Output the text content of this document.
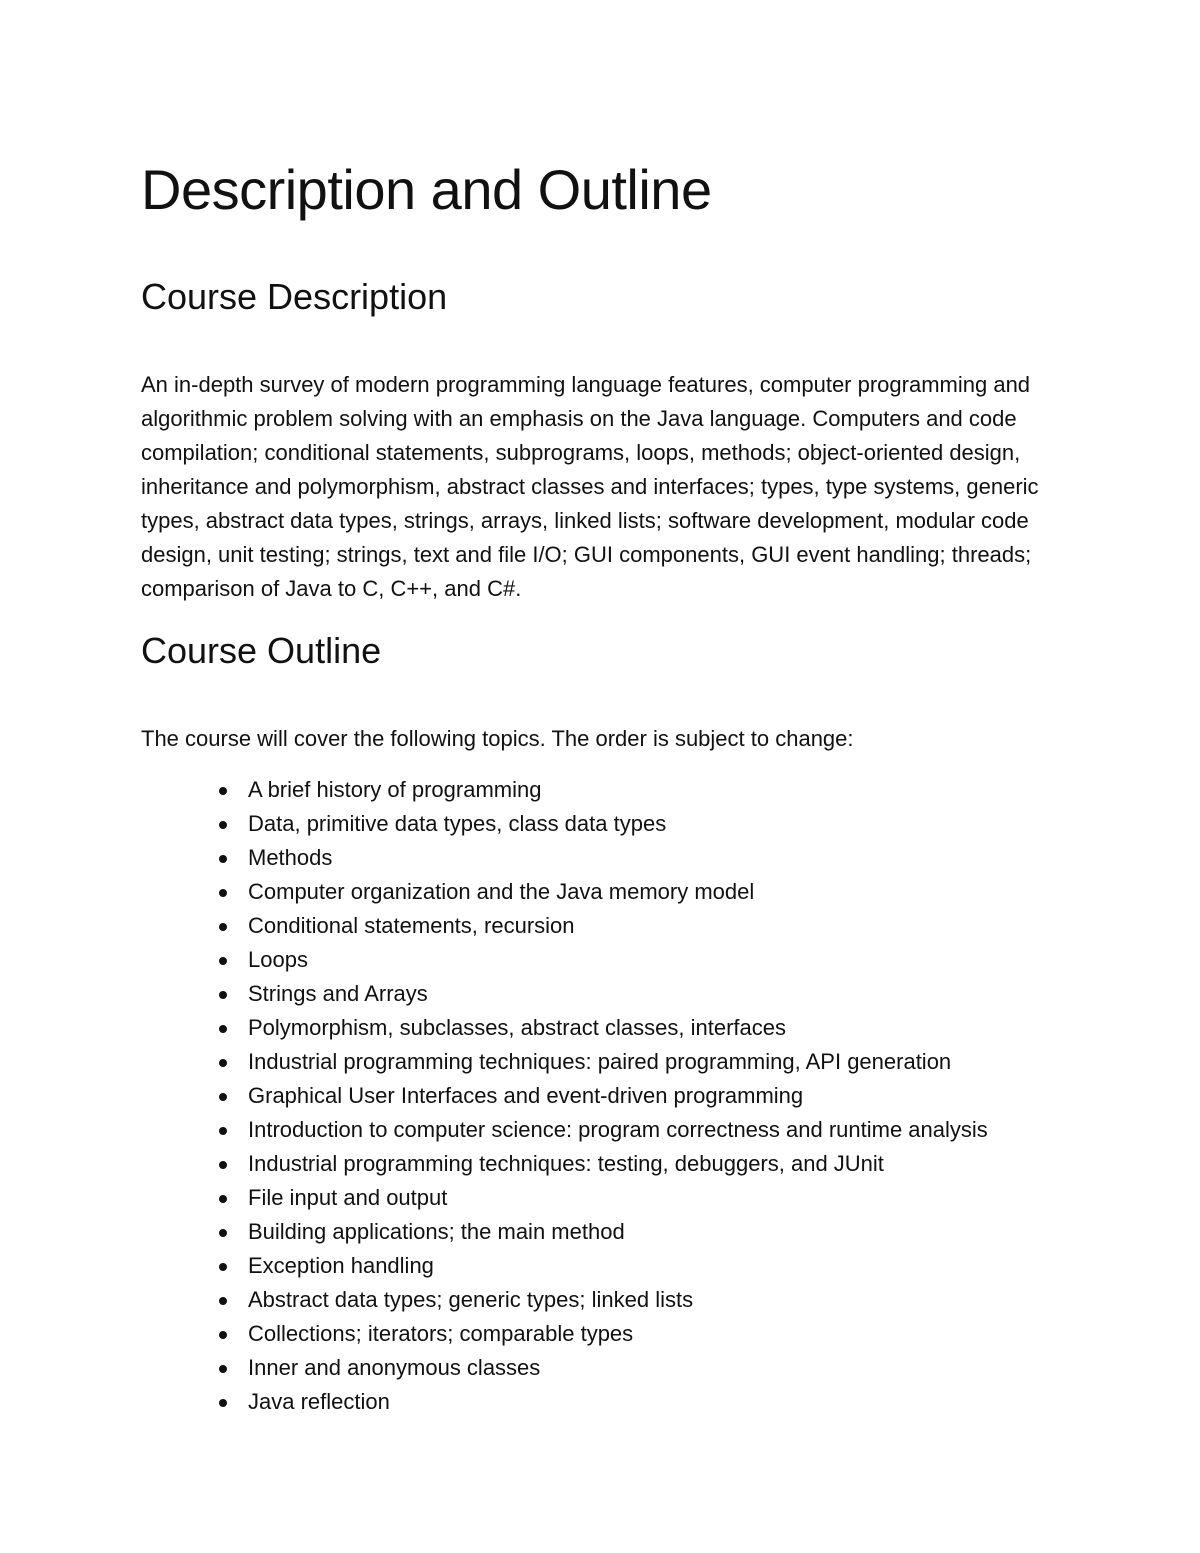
Description and Outline
Course Description

An in-depth survey of modern programming language features, computer programming and algorithmic problem solving with an emphasis on the Java language. Computers and code compilation; conditional statements, subprograms, loops, methods; object-oriented design, inheritance and polymorphism, abstract classes and interfaces; types, type systems, generic types, abstract data types, strings, arrays, linked lists; software development, modular code design, unit testing; strings, text and file I/O; GUI components, GUI event handling; threads; comparison of Java to C, C++, and C#.

Course Outline

The course will cover the following topics. The order is subject to change:

A brief history of programming
Data, primitive data types, class data types
Methods
Computer organization and the Java memory model
Conditional statements, recursion
Loops
Strings and Arrays
Polymorphism, subclasses, abstract classes, interfaces
Industrial programming techniques: paired programming, API generation
Graphical User Interfaces and event-driven programming
Introduction to computer science: program correctness and runtime analysis
Industrial programming techniques: testing, debuggers, and JUnit
File input and output
Building applications; the main method
Exception handling
Abstract data types; generic types; linked lists
Collections; iterators; comparable types
Inner and anonymous classes
Java reflection
